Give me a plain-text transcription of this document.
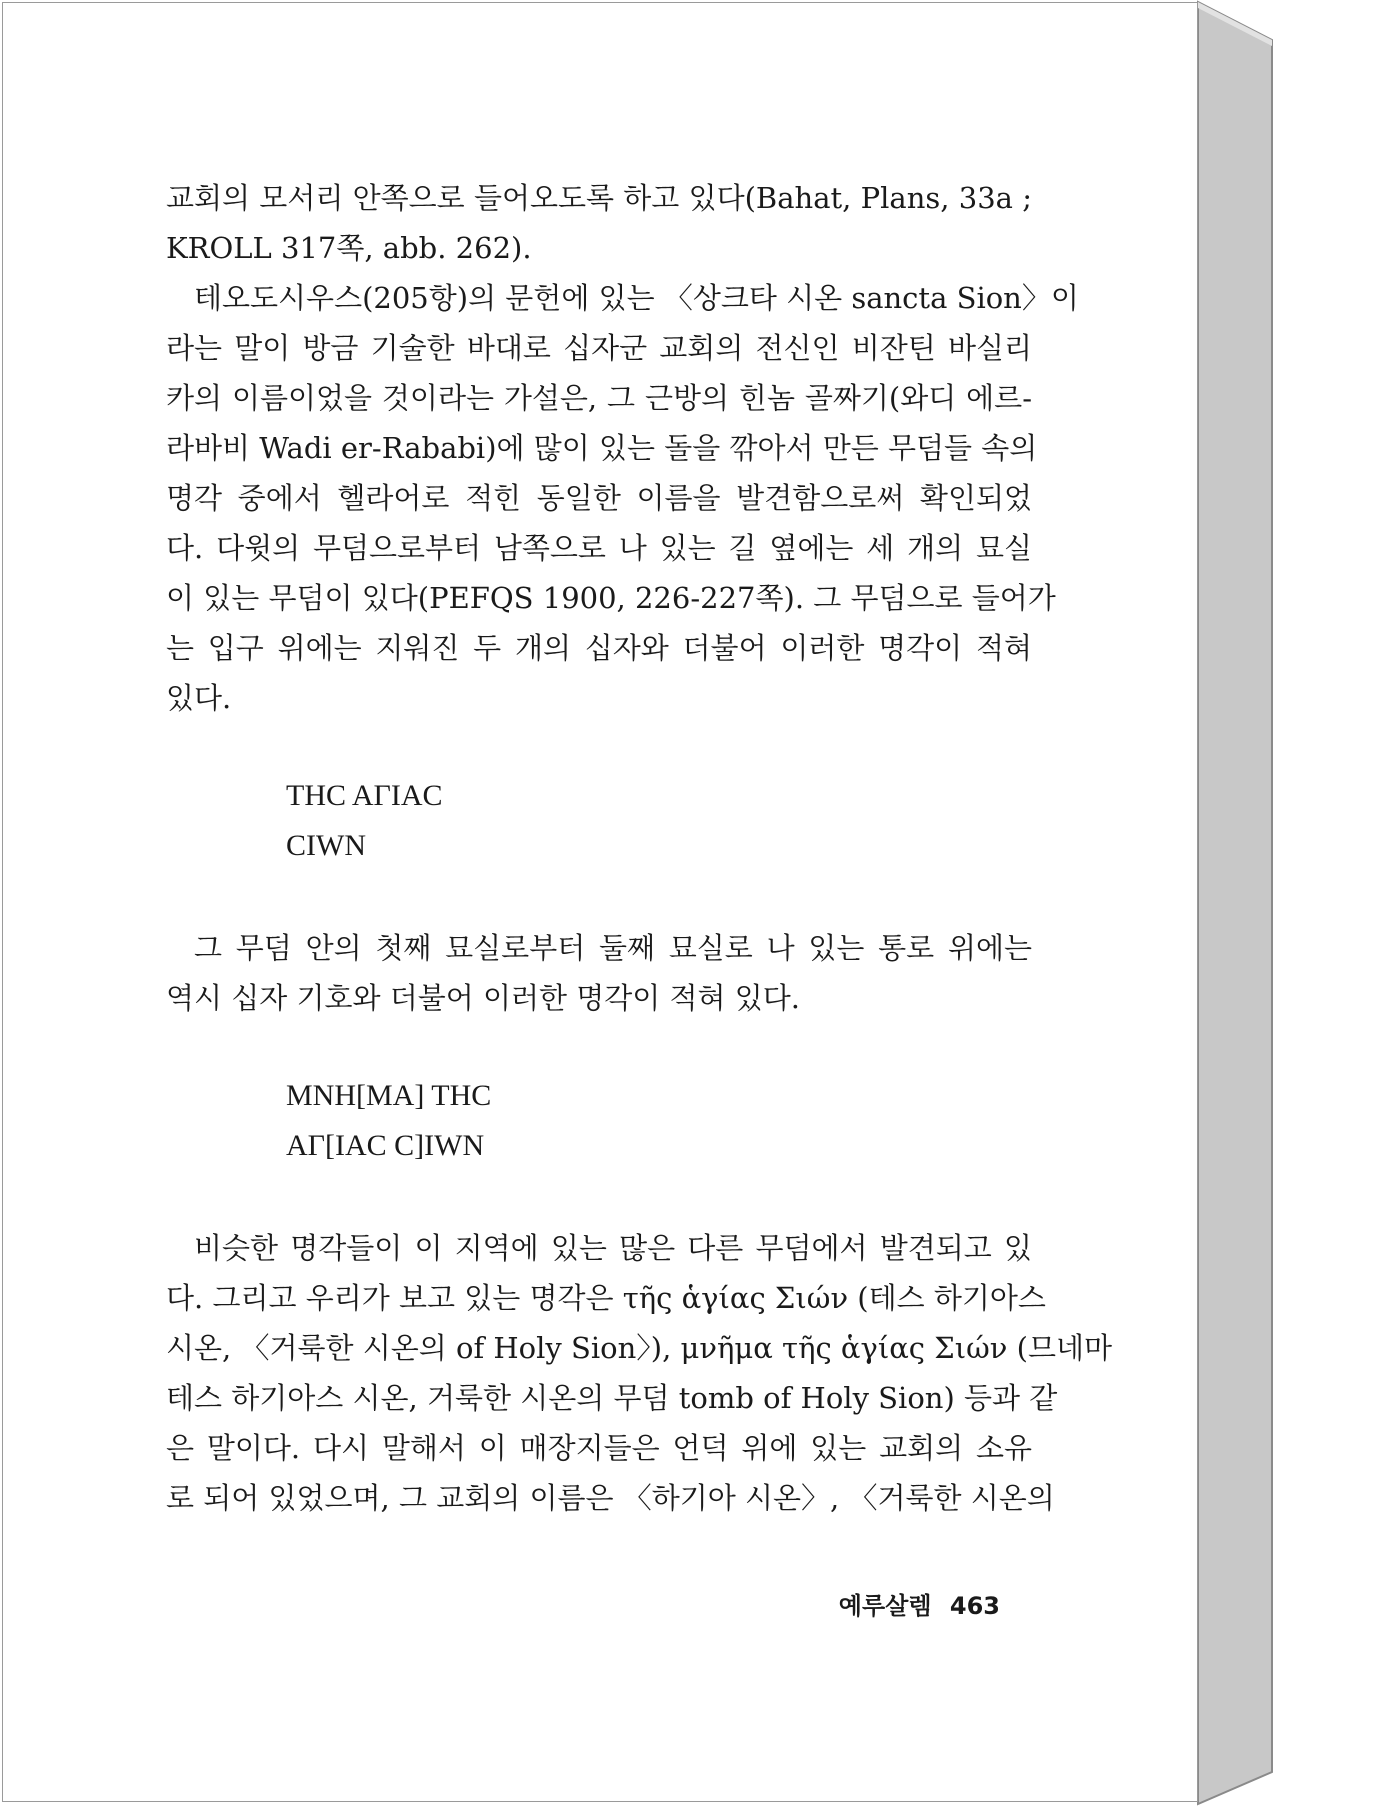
교회의 모서리 안쪽으로 들어오도록 하고 있다(Bahat, Plans, 33a ;
KROLL 317쪽, abb. 262).
테오도시우스(205항)의 문헌에 있는 〈상크타 시온 sancta Sion〉이
라는 말이 방금 기술한 바대로 십자군 교회의 전신인 비잔틴 바실리
카의 이름이었을 것이라는 가설은, 그 근방의 힌놈 골짜기(와디 에르-
라바비 Wadi er-Rababi)에 많이 있는 돌을 깎아서 만든 무덤들 속의
명각 중에서 헬라어로 적힌 동일한 이름을 발견함으로써 확인되었
다. 다윗의 무덤으로부터 남쪽으로 나 있는 길 옆에는 세 개의 묘실
이 있는 무덤이 있다(PEFQS 1900, 226-227쪽). 그 무덤으로 들어가
는 입구 위에는 지워진 두 개의 십자와 더불어 이러한 명각이 적혀
있다.
그 무덤 안의 첫째 묘실로부터 둘째 묘실로 나 있는 통로 위에는
역시 십자 기호와 더불어 이러한 명각이 적혀 있다.
비슷한 명각들이 이 지역에 있는 많은 다른 무덤에서 발견되고 있
다. 그리고 우리가 보고 있는 명각은 τῆς ἁγίας Σιών (테스 하기아스
시온, 〈거룩한 시온의 of Holy Sion〉), μνῆμα τῆς ἁγίας Σιών (므네마
테스 하기아스 시온, 거룩한 시온의 무덤 tomb of Holy Sion) 등과 같
은 말이다. 다시 말해서 이 매장지들은 언덕 위에 있는 교회의 소유
로 되어 있었으며, 그 교회의 이름은 〈하기아 시온〉, 〈거룩한 시온의
THC AΓIAC
CIWN
MNH[MA] THC
AΓ[IAC C]IWN
예루살렘 463
